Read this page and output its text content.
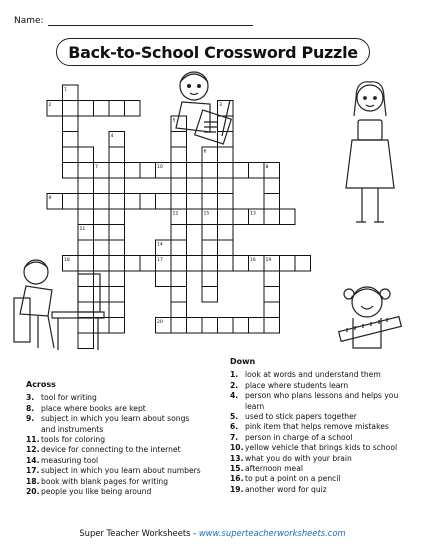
Name:
Back-to-School Crossword Puzzle
1
2	3
4
5
6
7	8
9
10
11
12	13
14
15
16
17
18	19
20
Across
3. tool for writing
8. place where books are kept
9. subject in which you learn about songs and instruments
11. tools for coloring
12. device for connecting to the internet
14. measuring tool
17. subject in which you learn about numbers
18. book with blank pages for writing
20. people you like being around
Down
1. look at words and understand them
2. place where students learn
4. person who plans lessons and helps you learn
5. used to stick papers together
6. pink item that helps remove mistakes
7. person in charge of a school
10. yellow vehicle that brings kids to school
13. what you do with your brain
15. afternoon meal
16. to put a point on a pencil
19. another word for quiz
Super Teacher Worksheets - www.superteacherworksheets.com
